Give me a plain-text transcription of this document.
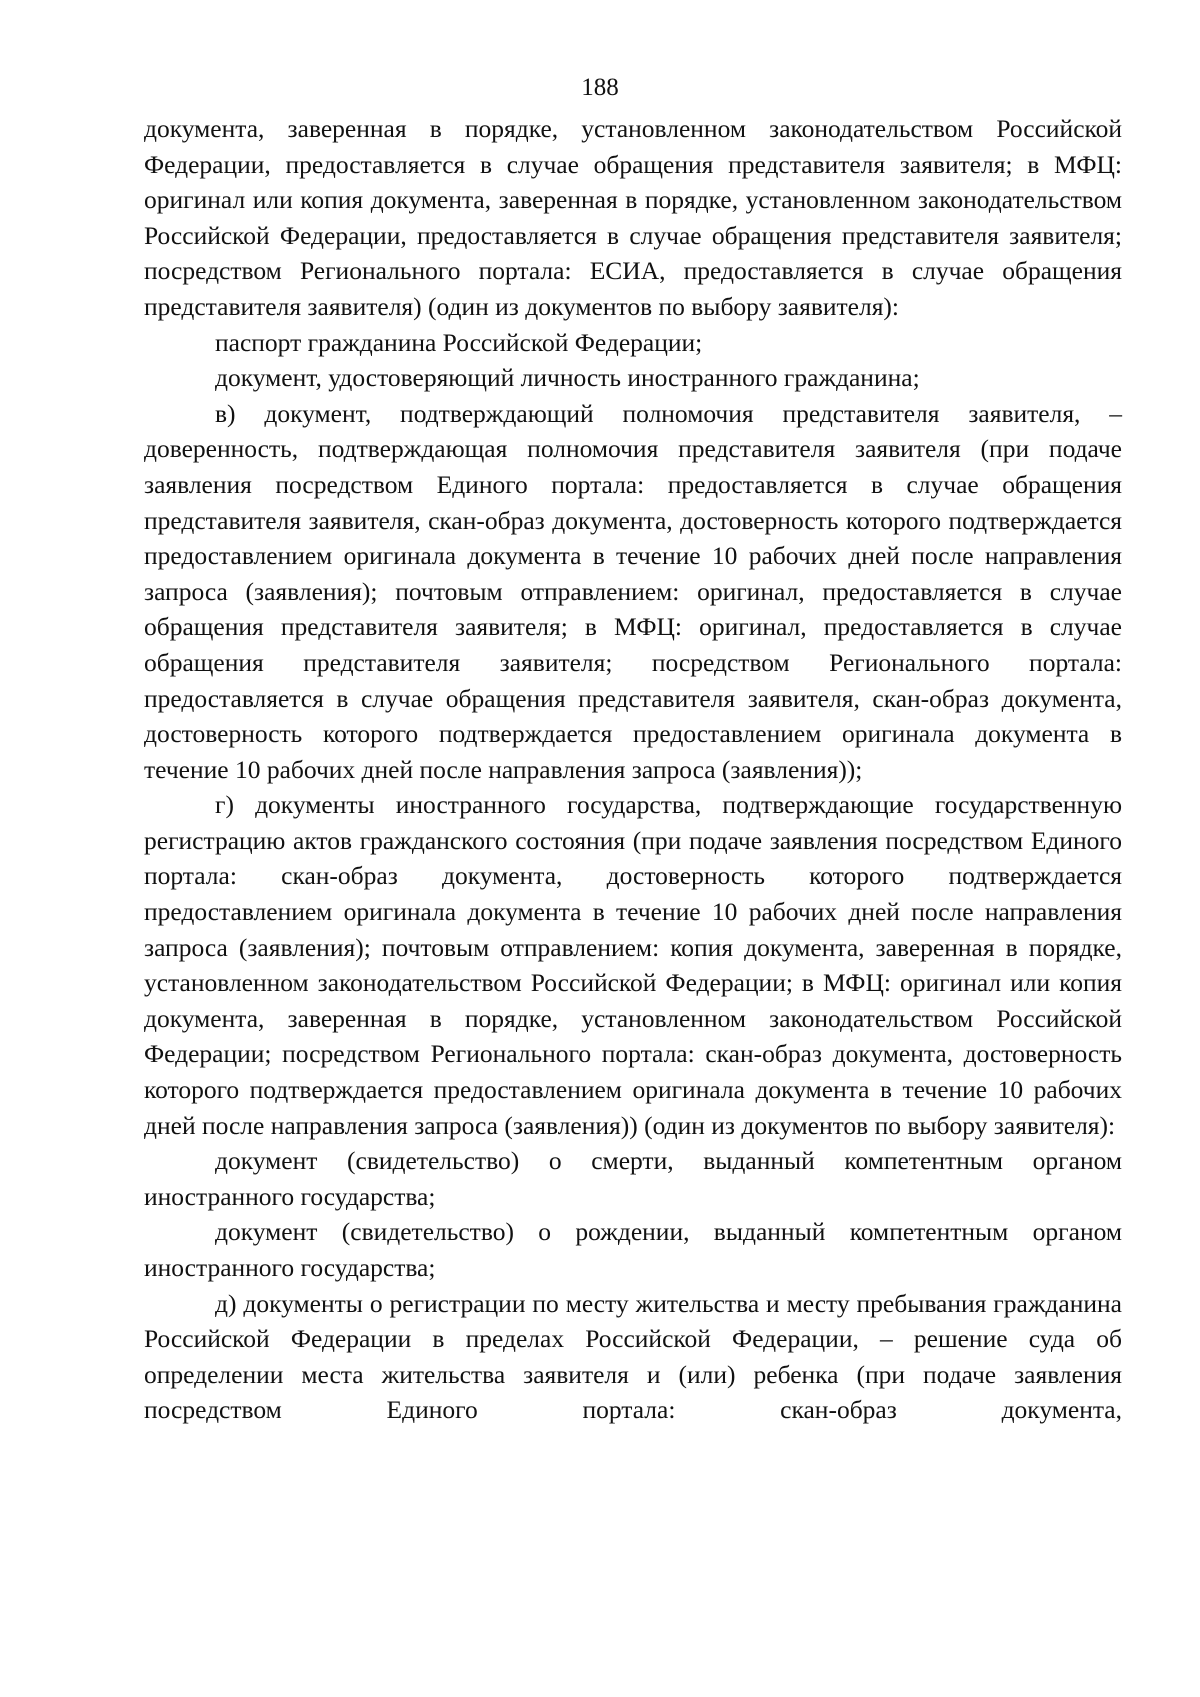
188

документа, заверенная в порядке, установленном законодательством Российской Федерации, предоставляется в случае обращения представителя заявителя; в МФЦ: оригинал или копия документа, заверенная в порядке, установленном законодательством Российской Федерации, предоставляется в случае обращения представителя заявителя; посредством Регионального портала: ЕСИА, предоставляется в случае обращения представителя заявителя) (один из документов по выбору заявителя):

паспорт гражданина Российской Федерации;

документ, удостоверяющий личность иностранного гражданина;

в) документ, подтверждающий полномочия представителя заявителя, – доверенность, подтверждающая полномочия представителя заявителя (при подаче заявления посредством Единого портала: предоставляется в случае обращения представителя заявителя, скан-образ документа, достоверность которого подтверждается предоставлением оригинала документа в течение 10 рабочих дней после направления запроса (заявления); почтовым отправлением: оригинал, предоставляется в случае обращения представителя заявителя; в МФЦ: оригинал, предоставляется в случае обращения представителя заявителя; посредством Регионального портала: предоставляется в случае обращения представителя заявителя, скан-образ документа, достоверность которого подтверждается предоставлением оригинала документа в течение 10 рабочих дней после направления запроса (заявления));

г) документы иностранного государства, подтверждающие государственную регистрацию актов гражданского состояния (при подаче заявления посредством Единого портала: скан-образ документа, достоверность которого подтверждается предоставлением оригинала документа в течение 10 рабочих дней после направления запроса (заявления); почтовым отправлением: копия документа, заверенная в порядке, установленном законодательством Российской Федерации; в МФЦ: оригинал или копия документа, заверенная в порядке, установленном законодательством Российской Федерации; посредством Регионального портала: скан-образ документа, достоверность которого подтверждается предоставлением оригинала документа в течение 10 рабочих дней после направления запроса (заявления)) (один из документов по выбору заявителя):

документ (свидетельство) о смерти, выданный компетентным органом иностранного государства;

документ (свидетельство) о рождении, выданный компетентным органом иностранного государства;

д) документы о регистрации по месту жительства и месту пребывания гражданина Российской Федерации в пределах Российской Федерации, – решение суда об определении места жительства заявителя и (или) ребенка (при подаче заявления посредством Единого портала: скан-образ документа,
